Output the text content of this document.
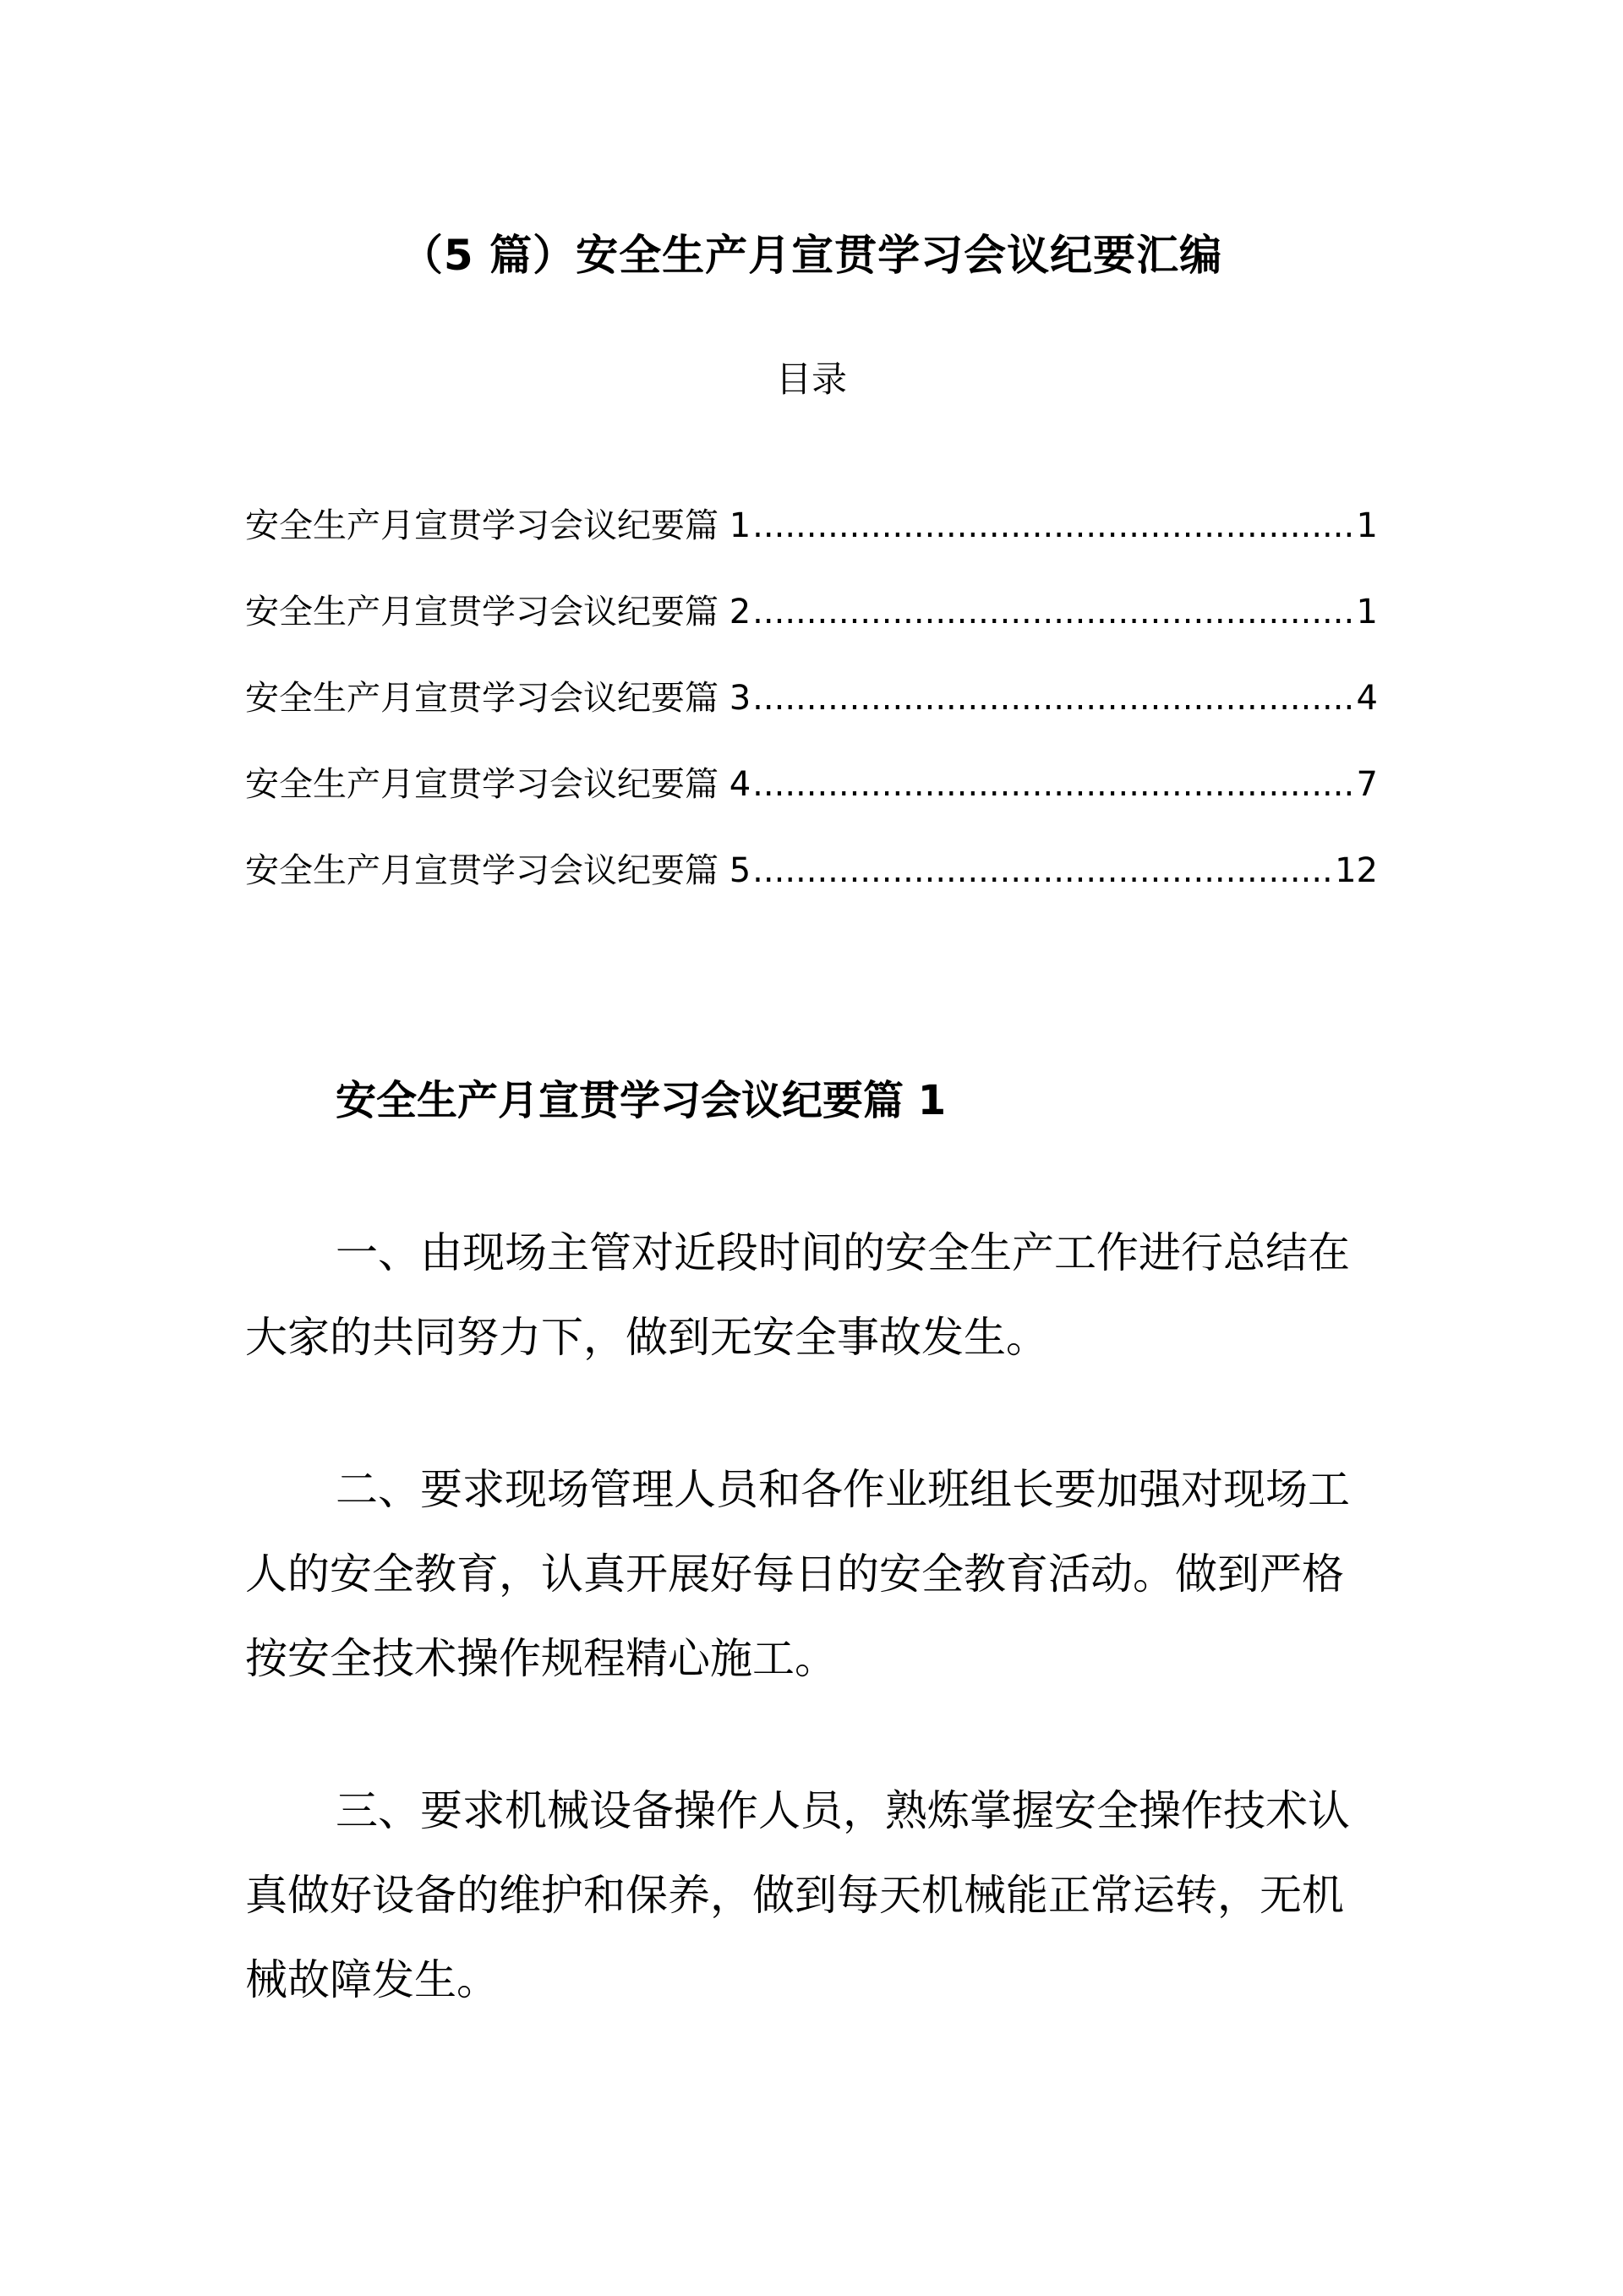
（5 篇）安全生产月宣贯学习会议纪要汇编
目录
安全生产月宣贯学习会议纪要篇 1 .....	1
安全生产月宣贯学习会议纪要篇 2 .....	1
安全生产月宣贯学习会议纪要篇 3 .....	4
安全生产月宣贯学习会议纪要篇 4 .....	7
安全生产月宣贯学习会议纪要篇 5 .....	12
安全生产月宣贯学习会议纪要篇 1

一、由现场主管对近段时间的安全生产工作进行总结在大家的共同努力下，做到无安全事故发生。

二、要求现场管理人员和各作业班组长要加强对现场工人的安全教育，认真开展好每日的安全教育活动。做到严格按安全技术操作规程精心施工。

三、要求机械设备操作人员，熟炼掌握安全操作技术认真做好设备的维护和保养，做到每天机械能正常运转，无机械故障发生。
